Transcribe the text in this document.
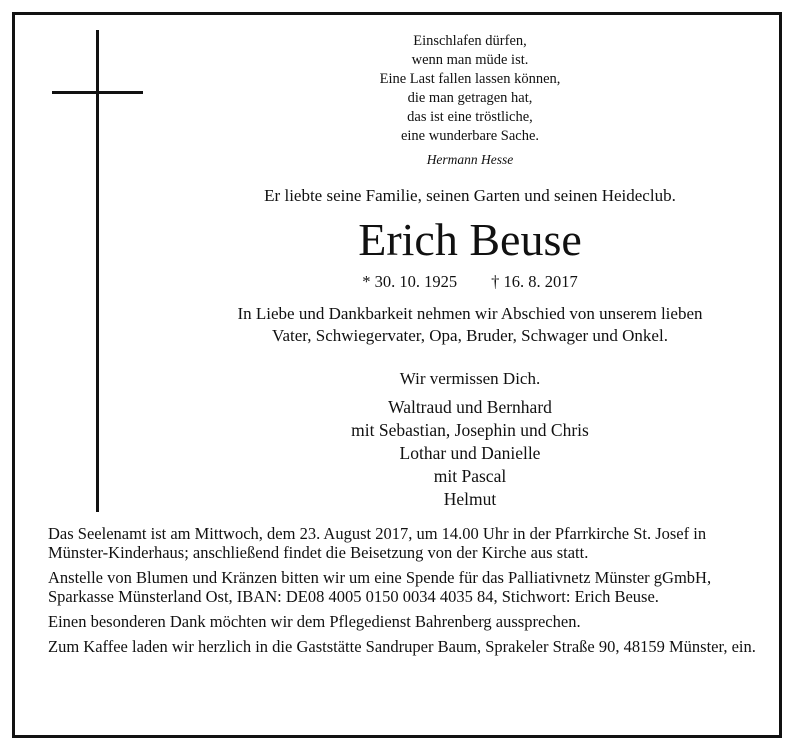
Einschlafen dürfen,
wenn man müde ist.
Eine Last fallen lassen können,
die man getragen hat,
das ist eine tröstliche,
eine wunderbare Sache.
Hermann Hesse
Er liebte seine Familie, seinen Garten und seinen Heideclub.
Erich Beuse
* 30. 10. 1925 † 16. 8. 2017
In Liebe und Dankbarkeit nehmen wir Abschied von unserem lieben
Vater, Schwiegervater, Opa, Bruder, Schwager und Onkel.
Wir vermissen Dich.
Waltraud und Bernhard
mit Sebastian, Josephin und Chris
Lothar und Danielle
mit Pascal
Helmut

Das Seelenamt ist am Mittwoch, dem 23. August 2017, um 14.00 Uhr in der Pfarrkirche St. Josef in Münster-Kinderhaus; anschließend findet die Beisetzung von der Kirche aus statt.

Anstelle von Blumen und Kränzen bitten wir um eine Spende für das Palliativnetz Münster gGmbH, Sparkasse Münsterland Ost, IBAN: DE08 4005 0150 0034 4035 84, Stichwort: Erich Beuse.

Einen besonderen Dank möchten wir dem Pflegedienst Bahrenberg aussprechen.

Zum Kaffee laden wir herzlich in die Gaststätte Sandruper Baum, Sprakeler Straße 90, 48159 Münster, ein.
